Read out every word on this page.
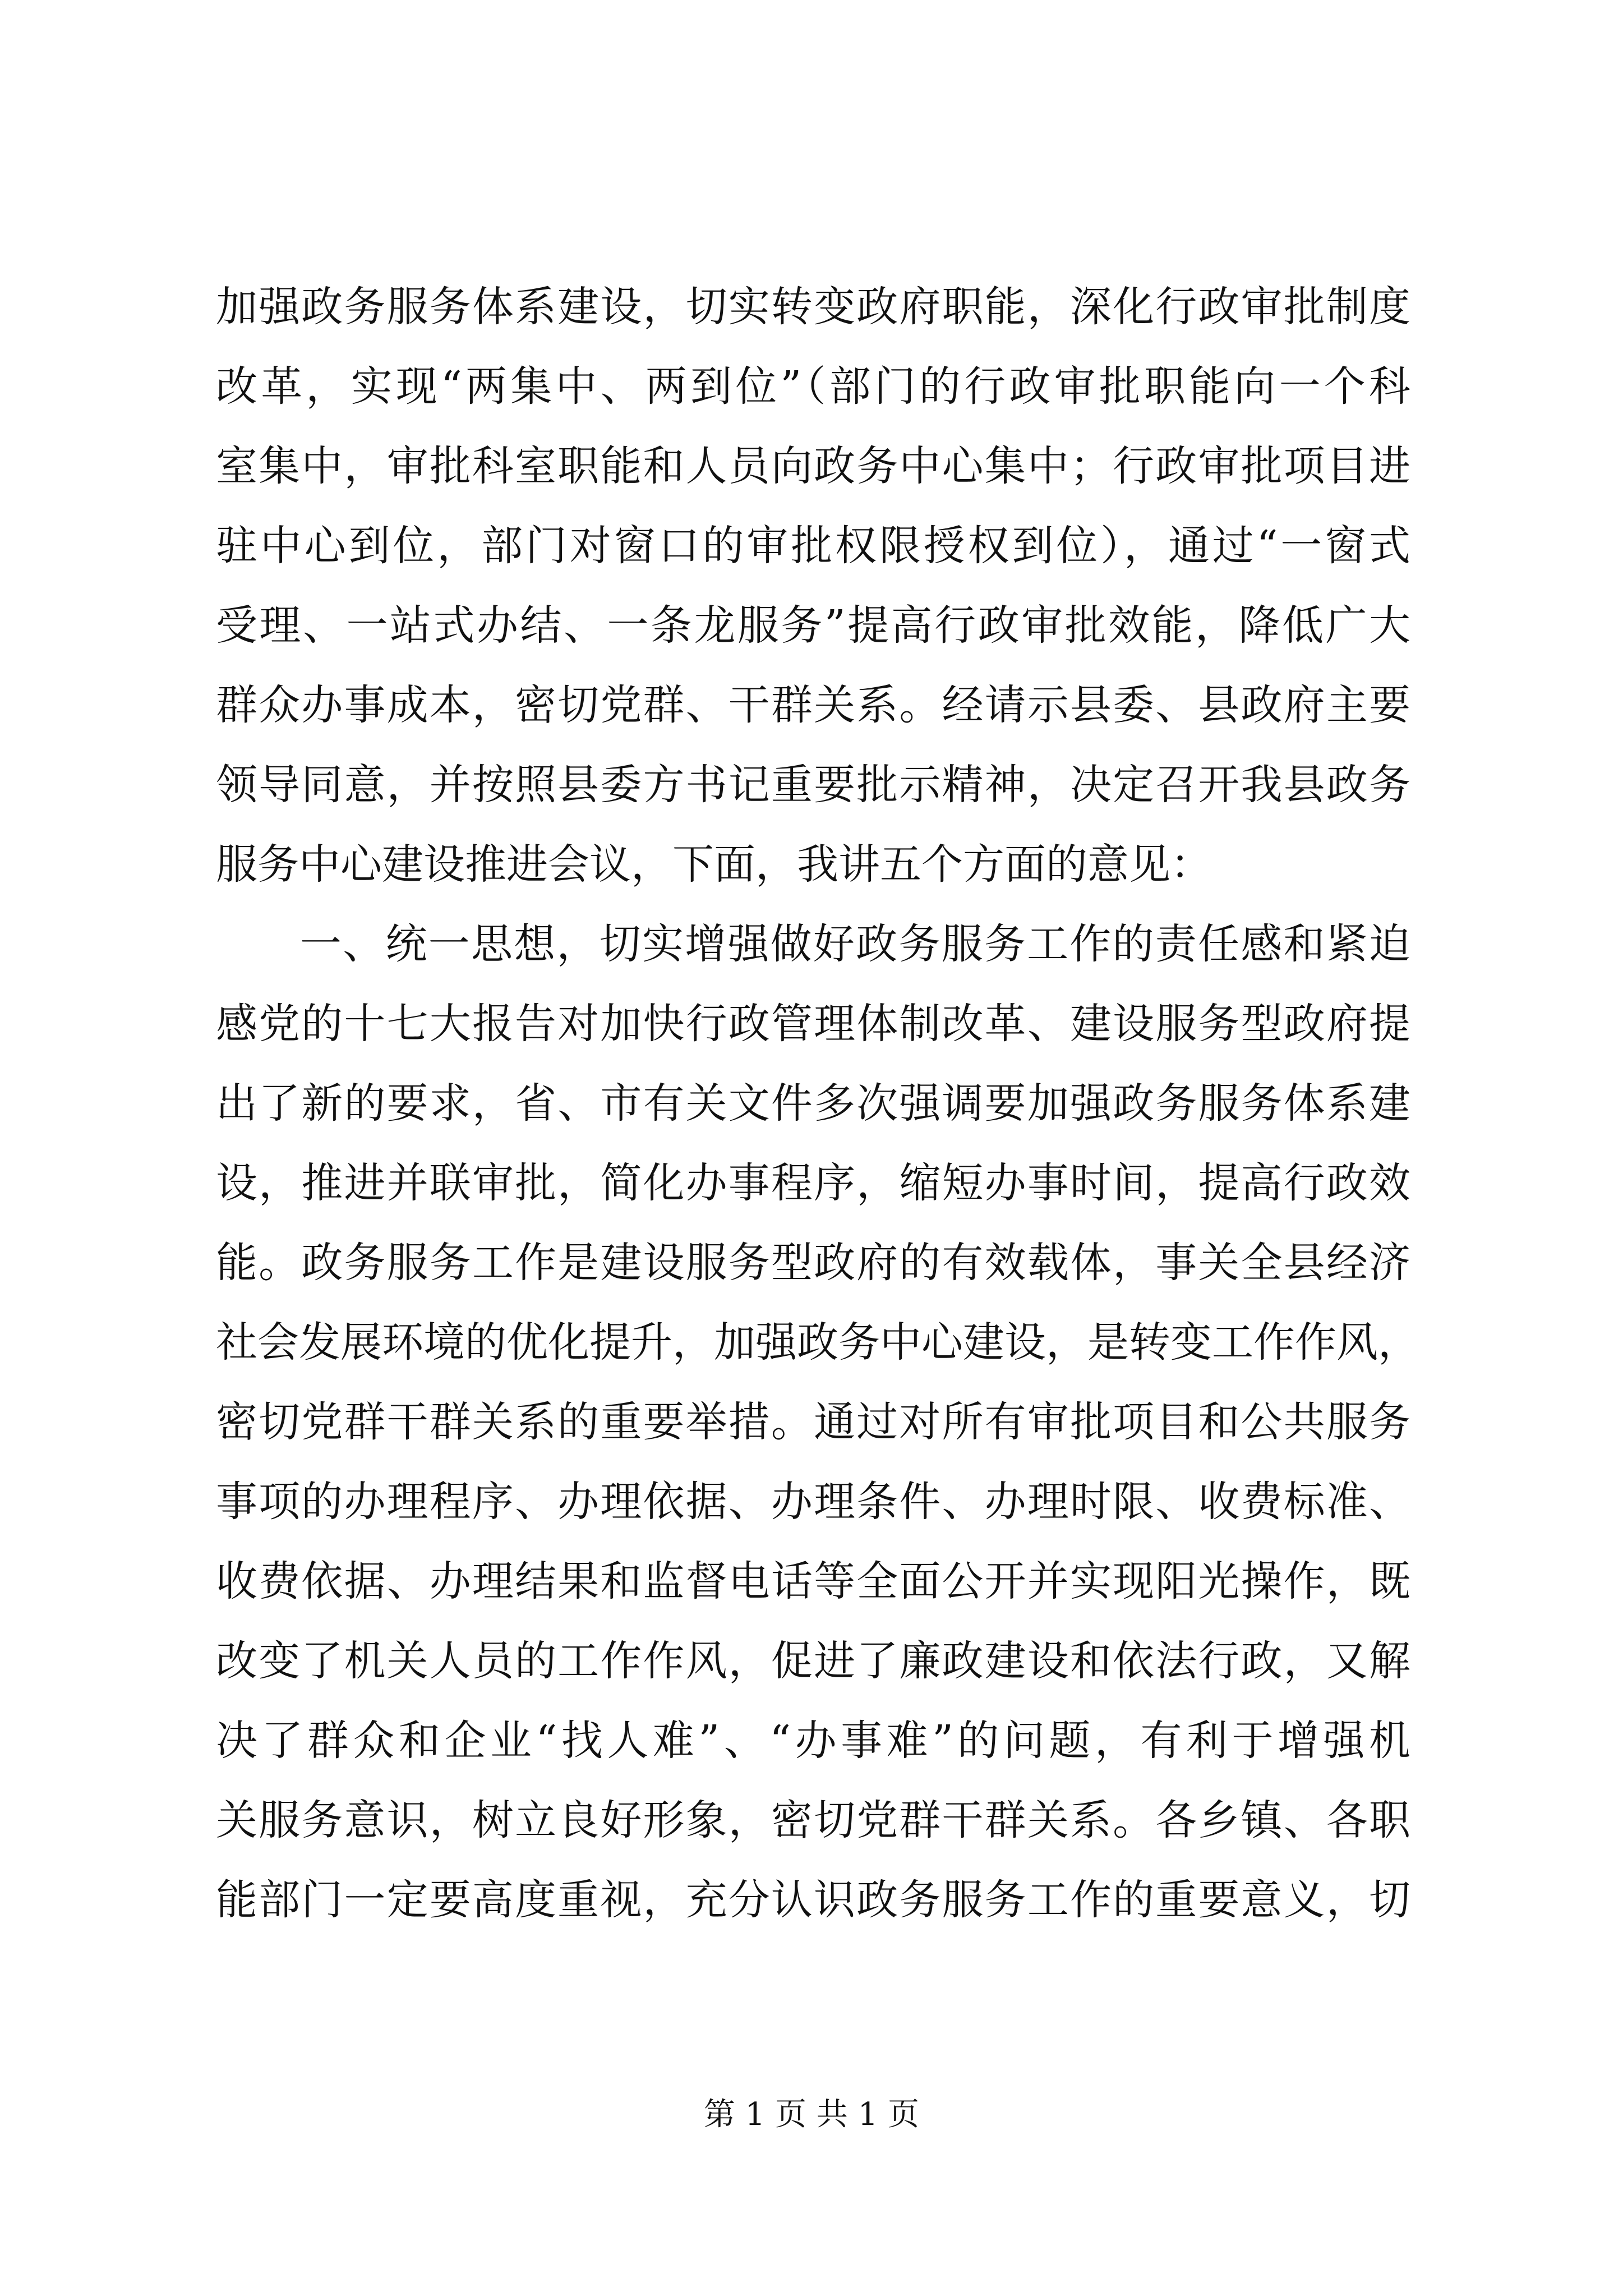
加强政务服务体系建设，切实转变政府职能，深化行政审批制度
改革，实现“两集中、两到位”（部门的行政审批职能向一个科
室集中，审批科室职能和人员向政务中心集中；行政审批项目进
驻中心到位，部门对窗口的审批权限授权到位），通过“一窗式
受理、一站式办结、一条龙服务”提高行政审批效能，降低广大
群众办事成本，密切党群、干群关系。经请示县委、县政府主要
领导同意，并按照县委方书记重要批示精神，决定召开我县政务
服务中心建设推进会议，下面，我讲五个方面的意见：
一、统一思想，切实增强做好政务服务工作的责任感和紧迫
感党的十七大报告对加快行政管理体制改革、建设服务型政府提
出了新的要求，省、市有关文件多次强调要加强政务服务体系建
设，推进并联审批，简化办事程序，缩短办事时间，提高行政效
能。政务服务工作是建设服务型政府的有效载体，事关全县经济
社会发展环境的优化提升，加强政务中心建设，是转变工作作风，
密切党群干群关系的重要举措。通过对所有审批项目和公共服务
事项的办理程序、办理依据、办理条件、办理时限、收费标准、
收费依据、办理结果和监督电话等全面公开并实现阳光操作，既
改变了机关人员的工作作风，促进了廉政建设和依法行政，又解
决了群众和企业“找人难”、“办事难”的问题，有利于增强机
关服务意识，树立良好形象，密切党群干群关系。各乡镇、各职
能部门一定要高度重视，充分认识政务服务工作的重要意义，切
第 1 页 共 1 页
